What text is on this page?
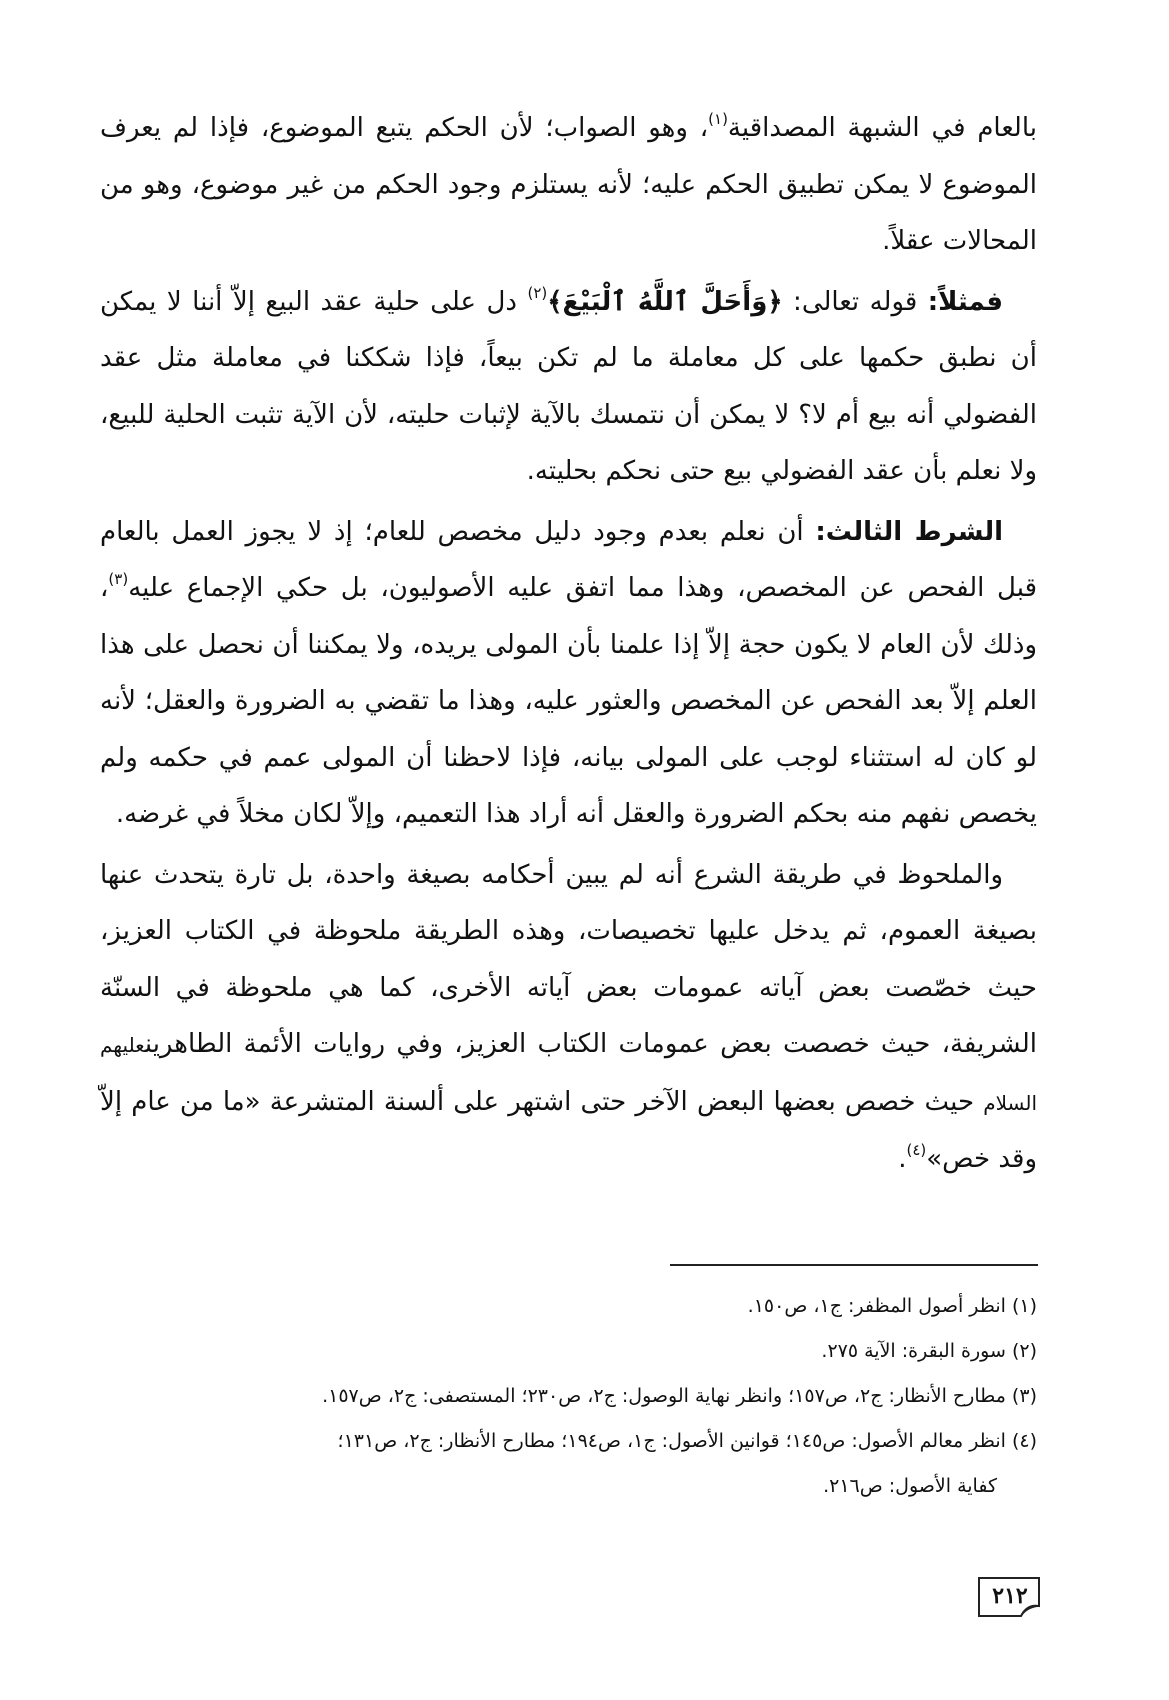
بالعام في الشبهة المصداقية$^{(١)}$، وهو الصواب؛ لأن الحكم يتبع الموضوع، فإذا لم يعرف الموضوع لا يمكن تطبيق الحكم عليه؛ لأنه يستلزم وجود الحكم من غير موضوع، وهو من المحالات عقلاً.

فمثلاً: قوله تعالى: ﴿وَأَحَلَّ ٱللَّهُ ٱلْبَيْعَ﴾$^{(٢)}$ دل على حلية عقد البيع إلاّ أننا لا يمكن أن نطبق حكمها على كل معاملة ما لم تكن بيعاً، فإذا شككنا في معاملة مثل عقد الفضولي أنه بيع أم لا؟ لا يمكن أن نتمسك بالآية لإثبات حليته، لأن الآية تثبت الحلية للبيع، ولا نعلم بأن عقد الفضولي بيع حتى نحكم بحليته.

الشرط الثالث: أن نعلم بعدم وجود دليل مخصص للعام؛ إذ لا يجوز العمل بالعام قبل الفحص عن المخصص، وهذا مما اتفق عليه الأصوليون، بل حكي الإجماع عليه$^{(٣)}$، وذلك لأن العام لا يكون حجة إلاّ إذا علمنا بأن المولى يريده، ولا يمكننا أن نحصل على هذا العلم إلاّ بعد الفحص عن المخصص والعثور عليه، وهذا ما تقضي به الضرورة والعقل؛ لأنه لو كان له استثناء لوجب على المولى بيانه، فإذا لاحظنا أن المولى عمم في حكمه ولم يخصص نفهم منه بحكم الضرورة والعقل أنه أراد هذا التعميم، وإلاّ لكان مخلاً في غرضه.

والملحوظ في طريقة الشرع أنه لم يبين أحكامه بصيغة واحدة، بل تارة يتحدث عنها بصيغة العموم، ثم يدخل عليها تخصيصات، وهذه الطريقة ملحوظة في الكتاب العزيز، حيث خصّصت بعض آياته عمومات بعض آياته الأخرى، كما هي ملحوظة في السنّة الشريفة، حيث خصصت بعض عمومات الكتاب العزيز، وفي روايات الأئمة الطاهرينعليهم السلام حيث خصص بعضها البعض الآخر حتى اشتهر على ألسنة المتشرعة «ما من عام إلاّ وقد خص»$^{(٤)}$.

(١) انظر أصول المظفر: ج١، ص١٥٠.

(٢) سورة البقرة: الآية ٢٧٥.

(٣) مطارح الأنظار: ج٢، ص١٥٧؛ وانظر نهاية الوصول: ج٢، ص٢٣٠؛ المستصفى: ج٢، ص١٥٧.

(٤) انظر معالم الأصول: ص١٤٥؛ قوانين الأصول: ج١، ص١٩٤؛ مطارح الأنظار: ج٢، ص١٣١؛

كفاية الأصول: ص٢١٦.

٢١٢
